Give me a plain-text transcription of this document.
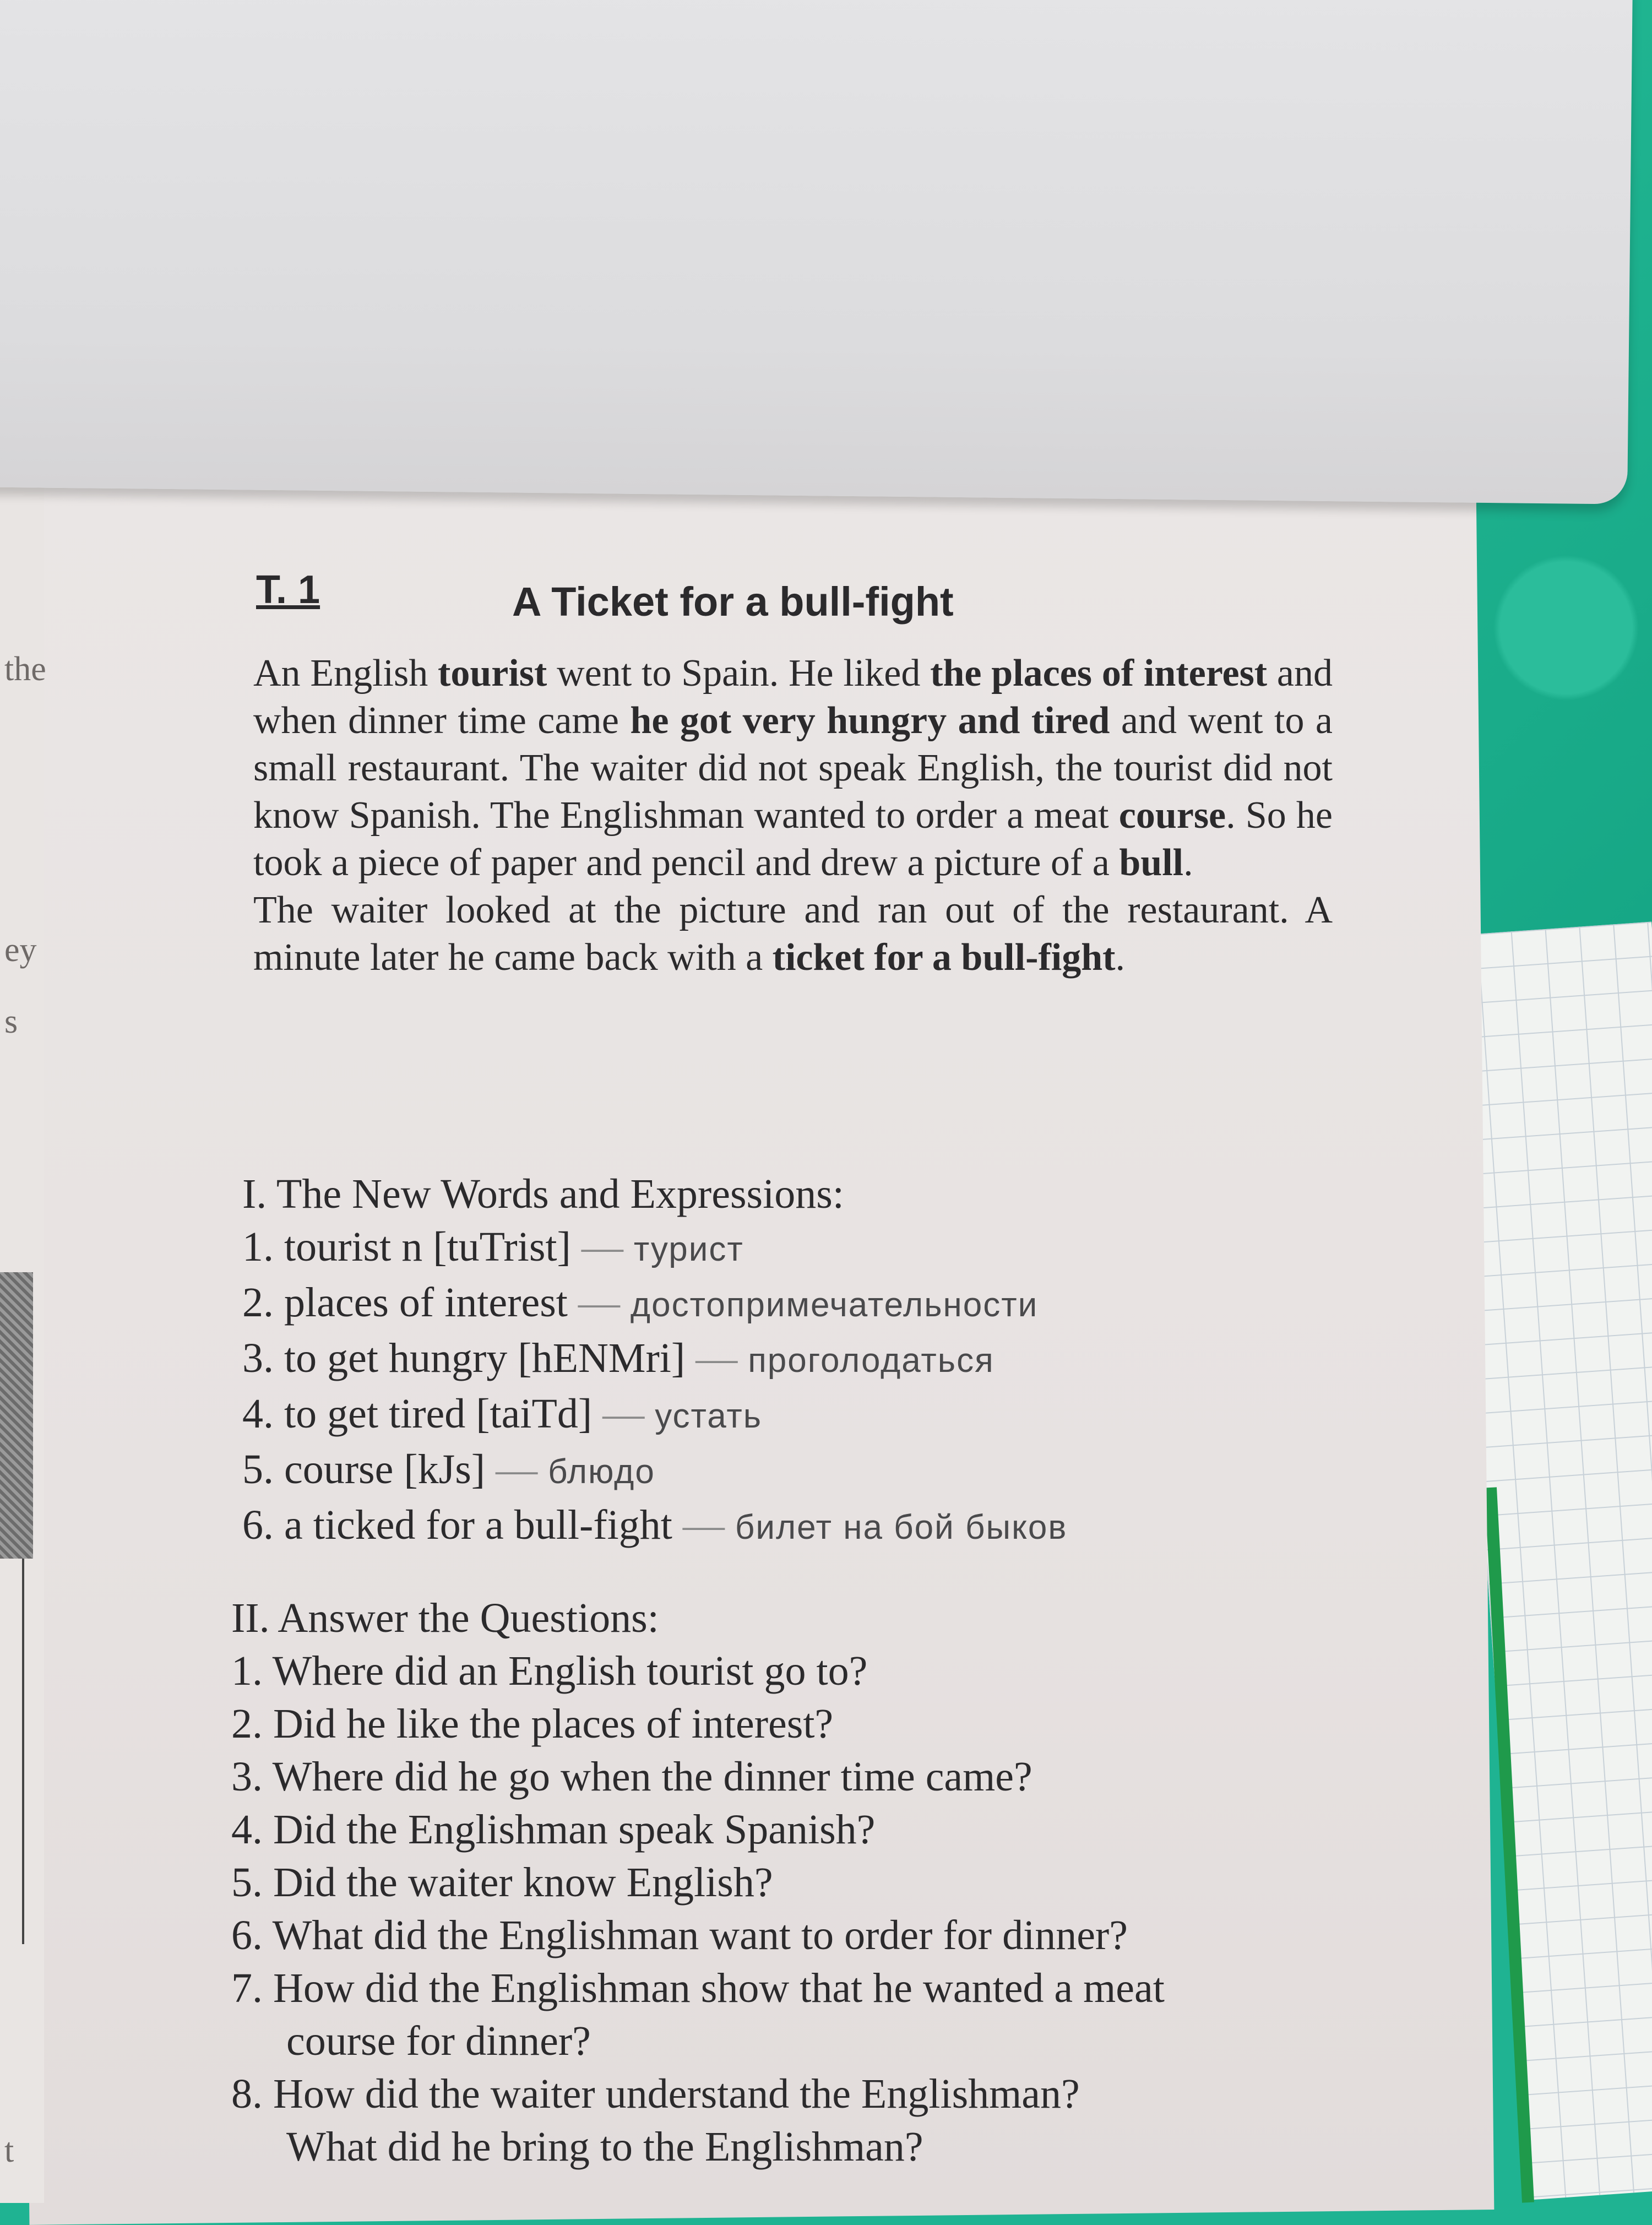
the
ey
s
t
T. 1	A Ticket for a bull-fight
An English tourist went to Spain. He liked the places of interest and when dinner time came he got very hungry and tired and went to a small restaurant. The waiter did not speak English, the tourist did not know Spanish. The Englishman wanted to order a meat course. So he took a piece of paper and pencil and drew a picture of a bull.
The waiter looked at the picture and ran out of the restaurant. A minute later he came back with a ticket for a bull-fight.
I. The New Words and Expressions:
1. tourist n [tuTrist] — турист
2. places of interest — достопримечательности
3. to get hungry [hENMri] — проголодаться
4. to get tired [taiTd] — устать
5. course [kJs] — блюдо
6. a ticked for a bull-fight — билет на бой быков
II. Answer the Questions:
1. Where did an English tourist go to?
2. Did he like the places of interest?
3. Where did he go when the dinner time came?
4. Did the Englishman speak Spanish?
5. Did the waiter know English?
6. What did the Englishman want to order for dinner?
7. How did the Englishman show that he wanted a meat
course for dinner?
8. How did the waiter understand the Englishman?
What did he bring to the Englishman?
